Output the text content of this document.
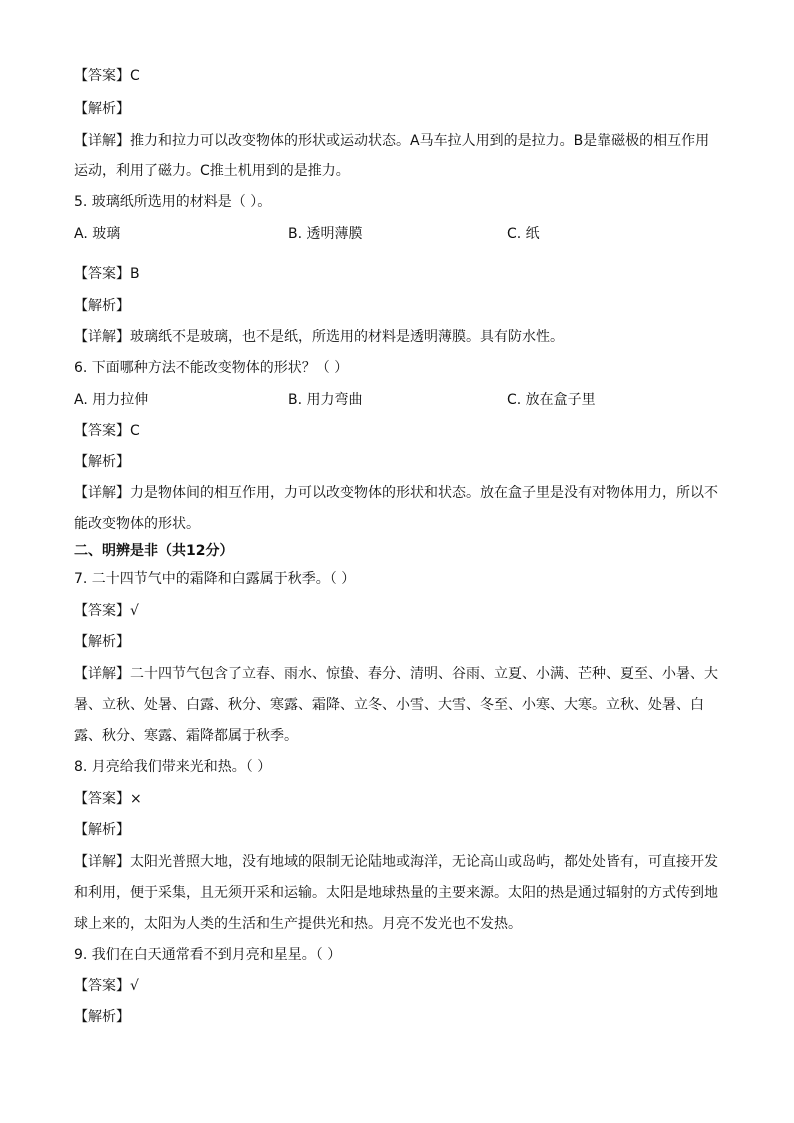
【答案】C
【解析】
【详解】推力和拉力可以改变物体的形状或运动状态。A马车拉人用到的是拉力。B是靠磁极的相互作用
运动，利用了磁力。C推土机用到的是推力。
5. 玻璃纸所选用的材料是（ ）。
A. 玻璃	B. 透明薄膜	C. 纸
【答案】B
【解析】
【详解】玻璃纸不是玻璃，也不是纸，所选用的材料是透明薄膜。具有防水性。
6. 下面哪种方法不能改变物体的形状？（ ）
A. 用力拉伸	B. 用力弯曲	C. 放在盒子里
【答案】C
【解析】
【详解】力是物体间的相互作用，力可以改变物体的形状和状态。放在盒子里是没有对物体用力，所以不
能改变物体的形状。
二、明辨是非（共12分）
7. 二十四节气中的霜降和白露属于秋季。（ ）
【答案】√
【解析】
【详解】二十四节气包含了立春、雨水、惊蛰、春分、清明、谷雨、立夏、小满、芒种、夏至、小暑、大
暑、立秋、处暑、白露、秋分、寒露、霜降、立冬、小雪、大雪、冬至、小寒、大寒。立秋、处暑、白
露、秋分、寒露、霜降都属于秋季。
8. 月亮给我们带来光和热。（ ）
【答案】×
【解析】
【详解】太阳光普照大地，没有地域的限制无论陆地或海洋，无论高山或岛屿，都处处皆有，可直接开发
和利用，便于采集，且无须开采和运输。太阳是地球热量的主要来源。太阳的热是通过辐射的方式传到地
球上来的，太阳为人类的生活和生产提供光和热。月亮不发光也不发热。
9. 我们在白天通常看不到月亮和星星。（ ）
【答案】√
【解析】
